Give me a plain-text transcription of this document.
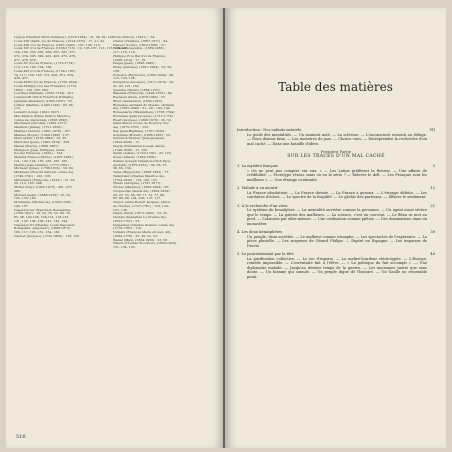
Légion (Vladimir Ilitch Oulianov), (1870-1924) : 31, 34, 62, 126.
Louis XIII (Saint, roi de France), (1214-1270) : 17, 21, 23.
Louis XIII (roi de France), (1601-1643) : 101, 106, 113.
Louis XIV (roi de France), (1638-1715) : 12, 103-107, 112, 113, 119-126,
150, 162, 253, 263, 269, 307, 367, 371,
372, 374, 395, 399, 401, 403, 475, 476,
477, 478, 479.
Louis XV (roi de France), (1710-1774) :
113, 119, 120, 124, 138.
Louis XVI (roi de France), (1754-1793) :
14, 117, 120, 153, 161, 220, 351, 359,
429, 477.
Louis XVIII (roi de France), (1755-1824) :
Louis-Philippe (roi des Français), (1773-
1850) : 136, 185, 350.
Lowndes (William), (1652-1724) : 261.
Ludendorff (Erich Friedrich Wilhelm),
(général allemand), (1865-1937) : 53.
Luther (Martin), (1483-1546) : 82, 84,
113.
Luzzatti (Luigi), (1841-1927) :
Mac-Mahon (Edme Patrice Maurice,
comte de, maréchal), (1808-1893) :
Machiavel (Nicolas), (1469-1527) :
Madison (James), (1751-1836) :
Malraux (André), (1901-1976) : 167.
Manuel (Roger), (1900-1980) : 107.
Marx (Karl), (1818-1883) : 53, 85.
Maréchal (Jean), (1902-1974) : 259.
Massé (Pierre), (1898-1987) :
Matignon (Jean, Philippe), minis-
tre des Finances, (1922-) : 154.
Mendès France (Pierre), (1907-1982) :
121, 122, 124, 155, 162, 163, 165.
Merlin (Jean-Charles), (1775-1831) :
Michelet (Jules), (1798-1874) : 59, 60.
Mirabeau (Honoré Gabriel, comte de),
(1749-1791) : 123, 136.
Mitterrand (François), (1916-) : 21, 32,
36, 112, 185, 398.
Mollet (Guy), (1905-1975) : 261, 275.
280.
Monnet (Jean), (1888-1979) : 25, 61,
102, 135, 162.
Montaigne (Michel de), (1533-1592) :
109, 167.
Napoléon Ier (Napoléon Bonaparte),
(1769-1821) : 16, 23, 35, 53, 68, 74,
85, 98, 102-106, 109-114, 118-125,
131, 132, 134, 136, 141, 142, 144.
Napoléon III (Charles, Louis Napoléon
Bonaparte, empereur), (1808-1873) :
106, 117, 123, 131, 134, 136.
Necker (Jacques), (1732-1804) : 119, 120.
Nora (Simon), (1921-) : 34.
Olivier (Charles), (1887-1971) : 94.
Pasteur (Louis), (1822-1895) : 57.
Pélissier (Auguste), (1889-1986) :
117, 118, 119.
Philippe IV le Bel (roi de France),
(1268-1314) : 17, 19.
Piaget (Jean), (1896-1980) :
Pinay (Antoine), (1891-1994) : 52, 56,
158.
Poincaré (Raymond), (1860-1934) : 98,
112, 123, 158.
Pompidou (Georges), (1911-1974) : 26,
41, 43, 121, 160.
Queuille (Henri), (1884-1970) :
Rabelais (François), (1494-1553) : 64.
Reynaud (Paul), (1878-1966) : 57.
Ribot (Alexandre), (1842-1923) :
Richelieu (Armand du Plessis, cardinal
de), (1585-1642) : 21, 101, 103, 104.
Robespierre (Maximilien), (1758-1794) :
Rousseau (Jean-Jacques), (1712-1778) :
Rueff (Jacques), (1896-1978) : 25, 53.
Saint-Simon (Louis de Rouvroy, duc
de), (1675-1755) : 123.
Say (Jean-Baptiste), (1767-1832) :
Schuman (Robert), (1886-1963) : 53.
Servan-Schreiber (Jean-Jacques),
(1924-2006) : 17.
Sieyès (Emmanuel Joseph, abbé),
(1748-1836) : 17, 120.
Smith (Adam), (1723-1790) : 35, 125.
Sorel (Albert), (1842-1906) :
Staline (Joseph Vissarionovitch Djou-
gachvili), (1879-1953) : 34, 36, 37,
38, 65, 134.
Taine (Hippolyte), (1828-1893) : 73.
Talleyrand (Charles Maurice de),
(1754-1838) : 119, 120, 125.
Thiers (Adolphe), (1797-1877) :
Thorez (Maurice), (1900-1964) : 65.
Tocqueville (Alexis de), (1805-1859) :
20, 23, 53, 56, 60, 71, 72, 77, 80,
85, 86, 98, 104, 106, 113, 117.
Turgot (Anne Robert Jacques, baron
de l'Aulne), (1727-1781) : 119, 120,
127, 138.
Valéry (Paul), (1871-1945) : 53, 55.
Vauban (Sébastien Le Prestre de),
(1633-1707) : 53.
Vergennes (Charles Gravier, comte de),
(1719-1787) : 119.
Voltaire (François Marie Arouet, dit),
(1694-1778) : 33, 49, 51, 53.
Weber (Max), (1864-1920) : 53, 56.
Wilson (Thomas Woodrow), (1856-1924) :
121, 134, 135.
516
Table des matières
Introduction : Nos enfants naturels	VII
Le poids des mentalités. — Un moment noté. — La sclérose. — L'inconscient ressenti au déluge. — Nous disions faux. — Les monstres de jazz. — Choses vues. — Entreprendre la recherche d'un mal caché. — Dans une bataille d'idées.
Première Partie
SUR LES TRACES D'UN MAL CACHÉ
1. La mystère français	3
« On ne peut pas compter sur eux. » — Les Latins préfèrent la théorie. — Une affaire de crédibilité. — Prototype réussi, mais où en la série ? — Relever le défi. — Les Français sont les meilleurs ». — Une étrange continuité.
2. Malade à en mourir	12
La France absolutiste. — La France divisée. — La France à genoux. — L'étrange défaite. — Les conduites d'échec. — Le spectre de la fragilité. — Le gâchis des partisans. — Effacer le sentiment.
3. À la recherche d'un virus	21
Le système du broadyloer. — La mentalité ouvrière comme la personne. — Un agent aussi sévère que le temps. — La galerie des malheurs. — La science, c'est un couvent. — Le fléau se met au pied. — Colonisés par elles-mêmes. — Une civilisation comme piétrie. — Des dominations dans un monastère.
4. Les deux hémisphères	30
Un peuple, deux sociétés. — Le malheur comme triomphe. — Les spectacles de l'espérance. — La pièce plurielle. — Les surprises de Gérard Philipe. — Digéré en Espagne. — Les impasses de l'envie.
5. Le pourrissement par la tête	40
La purification collective. — Le jeu d'espoirs. — La maître-lourdeur stéréotypée. — L'Europe, remède impossible. — L'inventaire fait à l'élève. — « La politique du fait accompli ». — Une diplomatie malade. — Jusqu'au dernier temps de la guerre. — Les anciennes patrie que sans doute. — Un homme qui cumule. — Un peuple digne de l'histoire. — Un Gaulle ne ressemble point.
